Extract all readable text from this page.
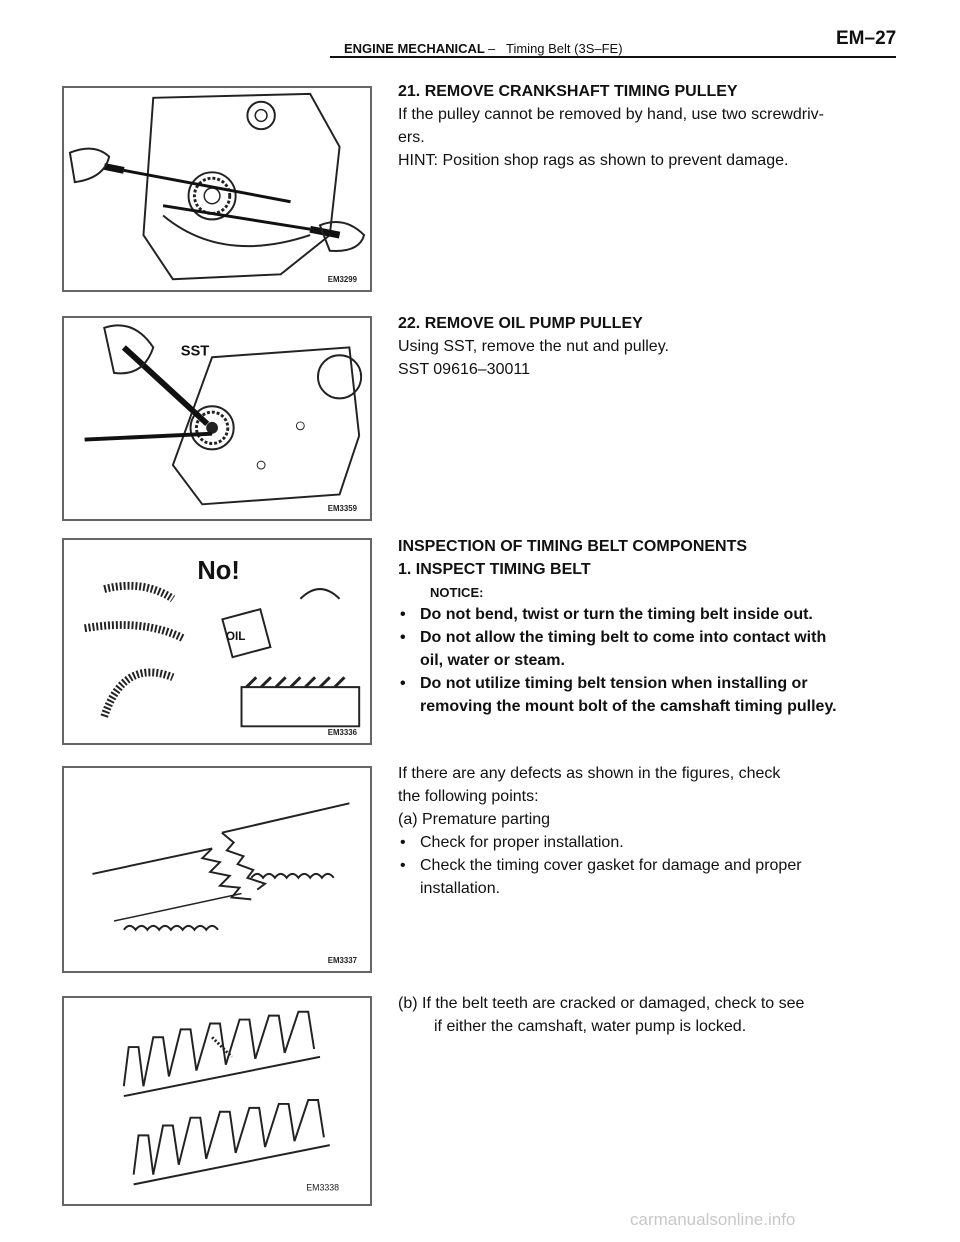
ENGINE MECHANICAL – Timing Belt (3S–FE)	EM–27
EM3299
SST
EM3359
No!
OIL
EM3336
EM3337
EM3338

21. REMOVE CRANKSHAFT TIMING PULLEY

If the pulley cannot be removed by hand, use two screwdriv-

ers.

HINT: Position shop rags as shown to prevent damage.

22. REMOVE OIL PUMP PULLEY

Using SST, remove the nut and pulley.

SST 09616–30011

INSPECTION OF TIMING BELT COMPONENTS

1. INSPECT TIMING BELT

NOTICE:

• Do not bend, twist or turn the timing belt inside out.

• Do not allow the timing belt to come into contact with

oil, water or steam.

• Do not utilize timing belt tension when installing or

removing the mount bolt of the camshaft timing pulley.

If there are any defects as shown in the figures, check

the following points:

(a) Premature parting

• Check for proper installation.

• Check the timing cover gasket for damage and proper

installation.

(b) If the belt teeth are cracked or damaged, check to see

if either the camshaft, water pump is locked.

carmanualsonline.info
